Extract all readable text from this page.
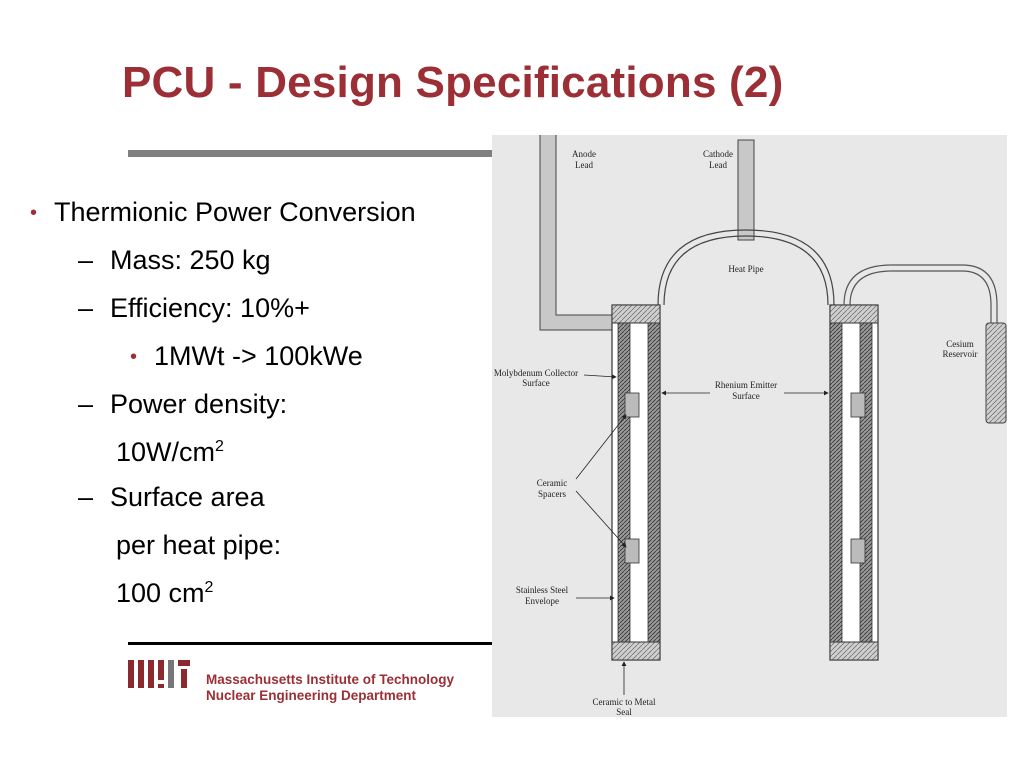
PCU - Design Specifications (2)
• Thermionic Power Conversion
– Mass: 250 kg
– Efficiency: 10%+
• 1MWt -> 100kWe
– Power density:
$10W/cm^2$
– Surface area
per heat pipe:
100 $cm^2$
Massachusetts Institute of Technology
Nuclear Engineering Department
Anode
Lead
Cathode
Lead
Heat Pipe
Cesium
Reservoir
Molybdenum Collector
Surface	Rhenium Emitter
Surface
Ceramic
Spacers
Stainless Steel
Envelope
Ceramic to Metal
Seal
